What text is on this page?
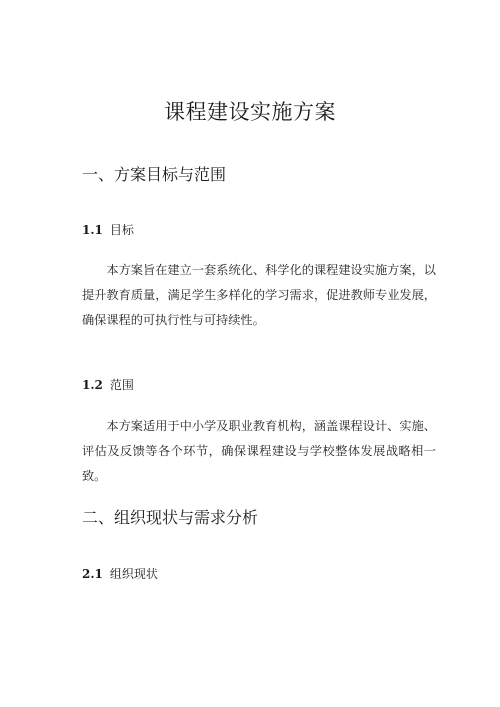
课程建设实施方案
一、方案目标与范围
1.1 目标

本方案旨在建立一套系统化、科学化的课程建设实施方案，以提升教育质量，满足学生多样化的学习需求，促进教师专业发展，确保课程的可执行性与可持续性。

1.2 范围

本方案适用于中小学及职业教育机构，涵盖课程设计、实施、评估及反馈等各个环节，确保课程建设与学校整体发展战略相一致。

二、组织现状与需求分析
2.1 组织现状
